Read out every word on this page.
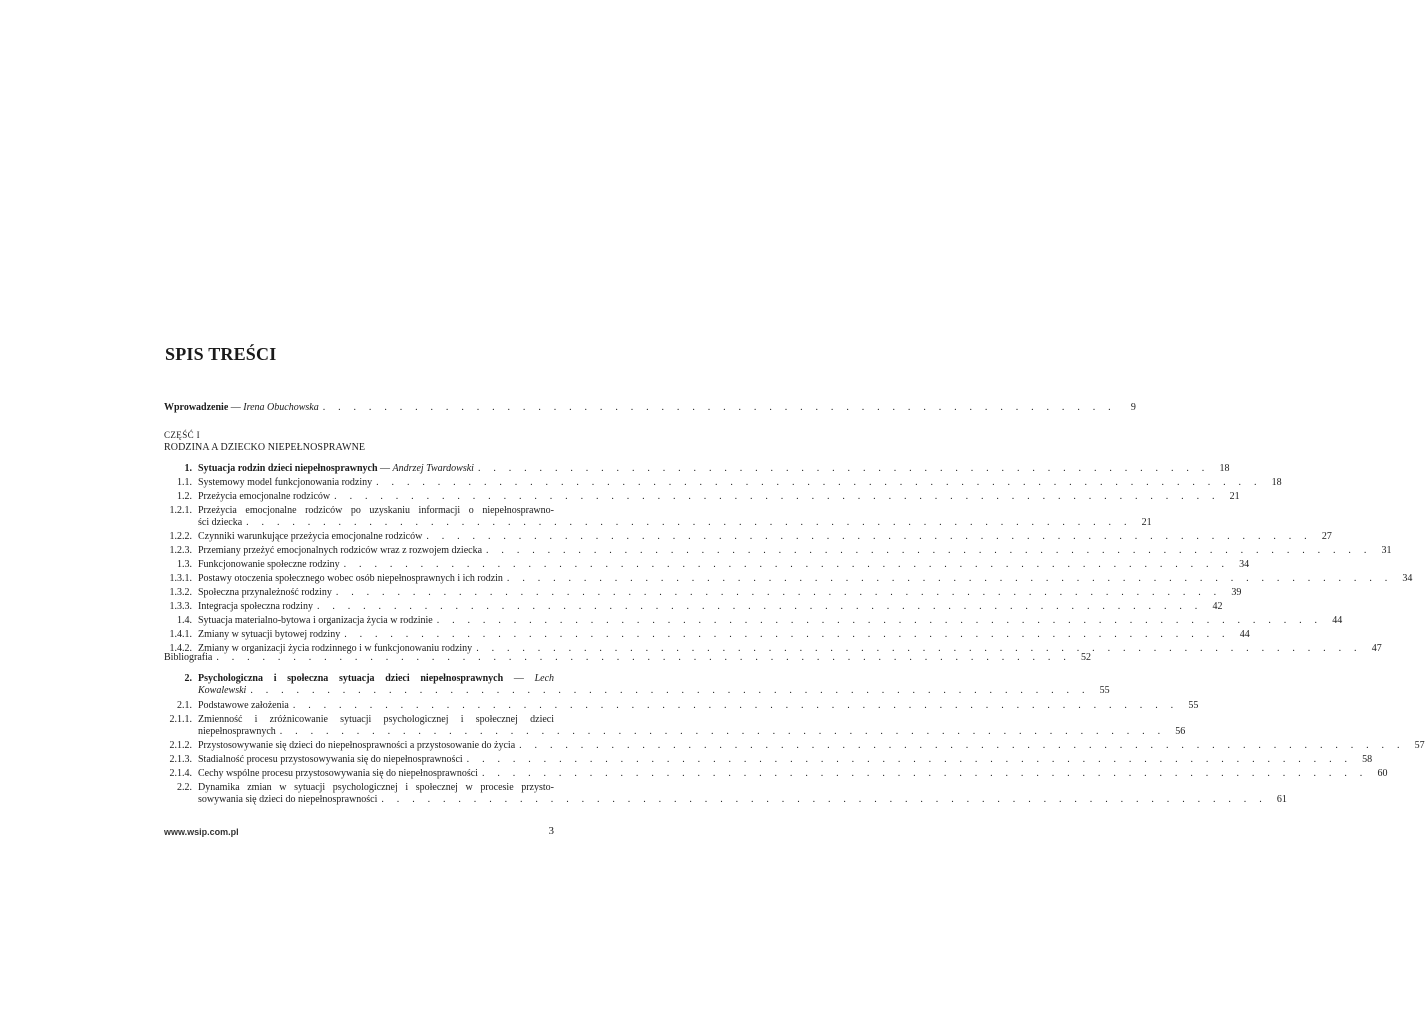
SPIS TREŚCI
Wprowadzenie — Irena Obuchowska . . . . . . . . . . . . . . . . . . . . . . . . . . . . . . . . . . . . . . . . . . . . . . . . . . . .	9
CZĘŚĆ I
RODZINA A DZIECKO NIEPEŁNOSPRAWNE
1. Sytuacja rodzin dzieci niepełnosprawnych — Andrzej Twardowski . . . . . . . . . . . . . . . . . . . . . . . . . . . . . . . . . . . . . . . . . . . . . . . .	18
1.1. Systemowy model funkcjonowania rodziny . . . . . . . . . . . . . . . . . . . . . . . . . . . . . . . . . . . . . . . . . . . . . . . . . . . . . . . . . .	18
1.2. Przeżycia emocjonalne rodziców . . . . . . . . . . . . . . . . . . . . . . . . . . . . . . . . . . . . . . . . . . . . . . . . . . . . . . . . . .	21
1.2.1. Przeżycia emocjonalne rodziców po uzyskaniu informacji o niepełnosprawno-
ści dziecka . . . . . . . . . . . . . . . . . . . . . . . . . . . . . . . . . . . . . . . . . . . . . . . . . . . . . . . . . .	21
1.2.2. Czynniki warunkujące przeżycia emocjonalne rodziców . . . . . . . . . . . . . . . . . . . . . . . . . . . . . . . . . . . . . . . . . . . . . . . . . . . . . . . . . .	27
1.2.3. Przemiany przeżyć emocjonalnych rodziców wraz z rozwojem dziecka . . . . . . . . . . . . . . . . . . . . . . . . . . . . . . . . . . . . . . . . . . . . . . . . . . . . . . . . . .	31
1.3. Funkcjonowanie społeczne rodziny . . . . . . . . . . . . . . . . . . . . . . . . . . . . . . . . . . . . . . . . . . . . . . . . . . . . . . . . . .	34
1.3.1. Postawy otoczenia społecznego wobec osób niepełnosprawnych i ich rodzin . . . . . . . . . . . . . . . . . . . . . . . . . . . . . . . . . . . . . . . . . . . . . . . . . . . . . . . . . .	34
1.3.2. Społeczna przynależność rodziny . . . . . . . . . . . . . . . . . . . . . . . . . . . . . . . . . . . . . . . . . . . . . . . . . . . . . . . . . .	39
1.3.3. Integracja społeczna rodziny . . . . . . . . . . . . . . . . . . . . . . . . . . . . . . . . . . . . . . . . . . . . . . . . . . . . . . . . . .	42
1.4. Sytuacja materialno-bytowa i organizacja życia w rodzinie . . . . . . . . . . . . . . . . . . . . . . . . . . . . . . . . . . . . . . . . . . . . . . . . . . . . . . . . . .	44
1.4.1. Zmiany w sytuacji bytowej rodziny . . . . . . . . . . . . . . . . . . . . . . . . . . . . . . . . . . . . . . . . . . . . . . . . . . . . . . . . . .	44
1.4.2. Zmiany w organizacji życia rodzinnego i w funkcjonowaniu rodziny . . . . . . . . . . . . . . . . . . . . . . . . . . . . . . . . . . . . . . . . . . . . . . . . . . . . . . . . . .	47
Bibliografia . . . . . . . . . . . . . . . . . . . . . . . . . . . . . . . . . . . . . . . . . . . . . . . . . . . . . . . .	52
2. Psychologiczna i społeczna sytuacja dzieci niepełnosprawnych — Lech
Kowalewski . . . . . . . . . . . . . . . . . . . . . . . . . . . . . . . . . . . . . . . . . . . . . . . . . . . . . . .	55
2.1. Podstawowe założenia . . . . . . . . . . . . . . . . . . . . . . . . . . . . . . . . . . . . . . . . . . . . . . . . . . . . . . . . . .	55
2.1.1. Zmienność i zróżnicowanie sytuacji psychologicznej i społecznej dzieci
niepełnosprawnych . . . . . . . . . . . . . . . . . . . . . . . . . . . . . . . . . . . . . . . . . . . . . . . . . . . . . . . . . .	56
2.1.2. Przystosowywanie się dzieci do niepełnosprawności a przystosowanie do życia . . . . . . . . . . . . . . . . . . . . . . . . . . . . . . . . . . . . . . . . . . . . . . . . . . . . . . . . . .	57
2.1.3. Stadialność procesu przystosowywania się do niepełnosprawności . . . . . . . . . . . . . . . . . . . . . . . . . . . . . . . . . . . . . . . . . . . . . . . . . . . . . . . . . .	58
2.1.4. Cechy wspólne procesu przystosowywania się do niepełnosprawności . . . . . . . . . . . . . . . . . . . . . . . . . . . . . . . . . . . . . . . . . . . . . . . . . . . . . . . . . .	60
2.2. Dynamika zmian w sytuacji psychologicznej i społecznej w procesie przysto-
sowywania się dzieci do niepełnosprawności . . . . . . . . . . . . . . . . . . . . . . . . . . . . . . . . . . . . . . . . . . . . . . . . . . . . . . . . . .	61
www.wsip.com.pl	3
